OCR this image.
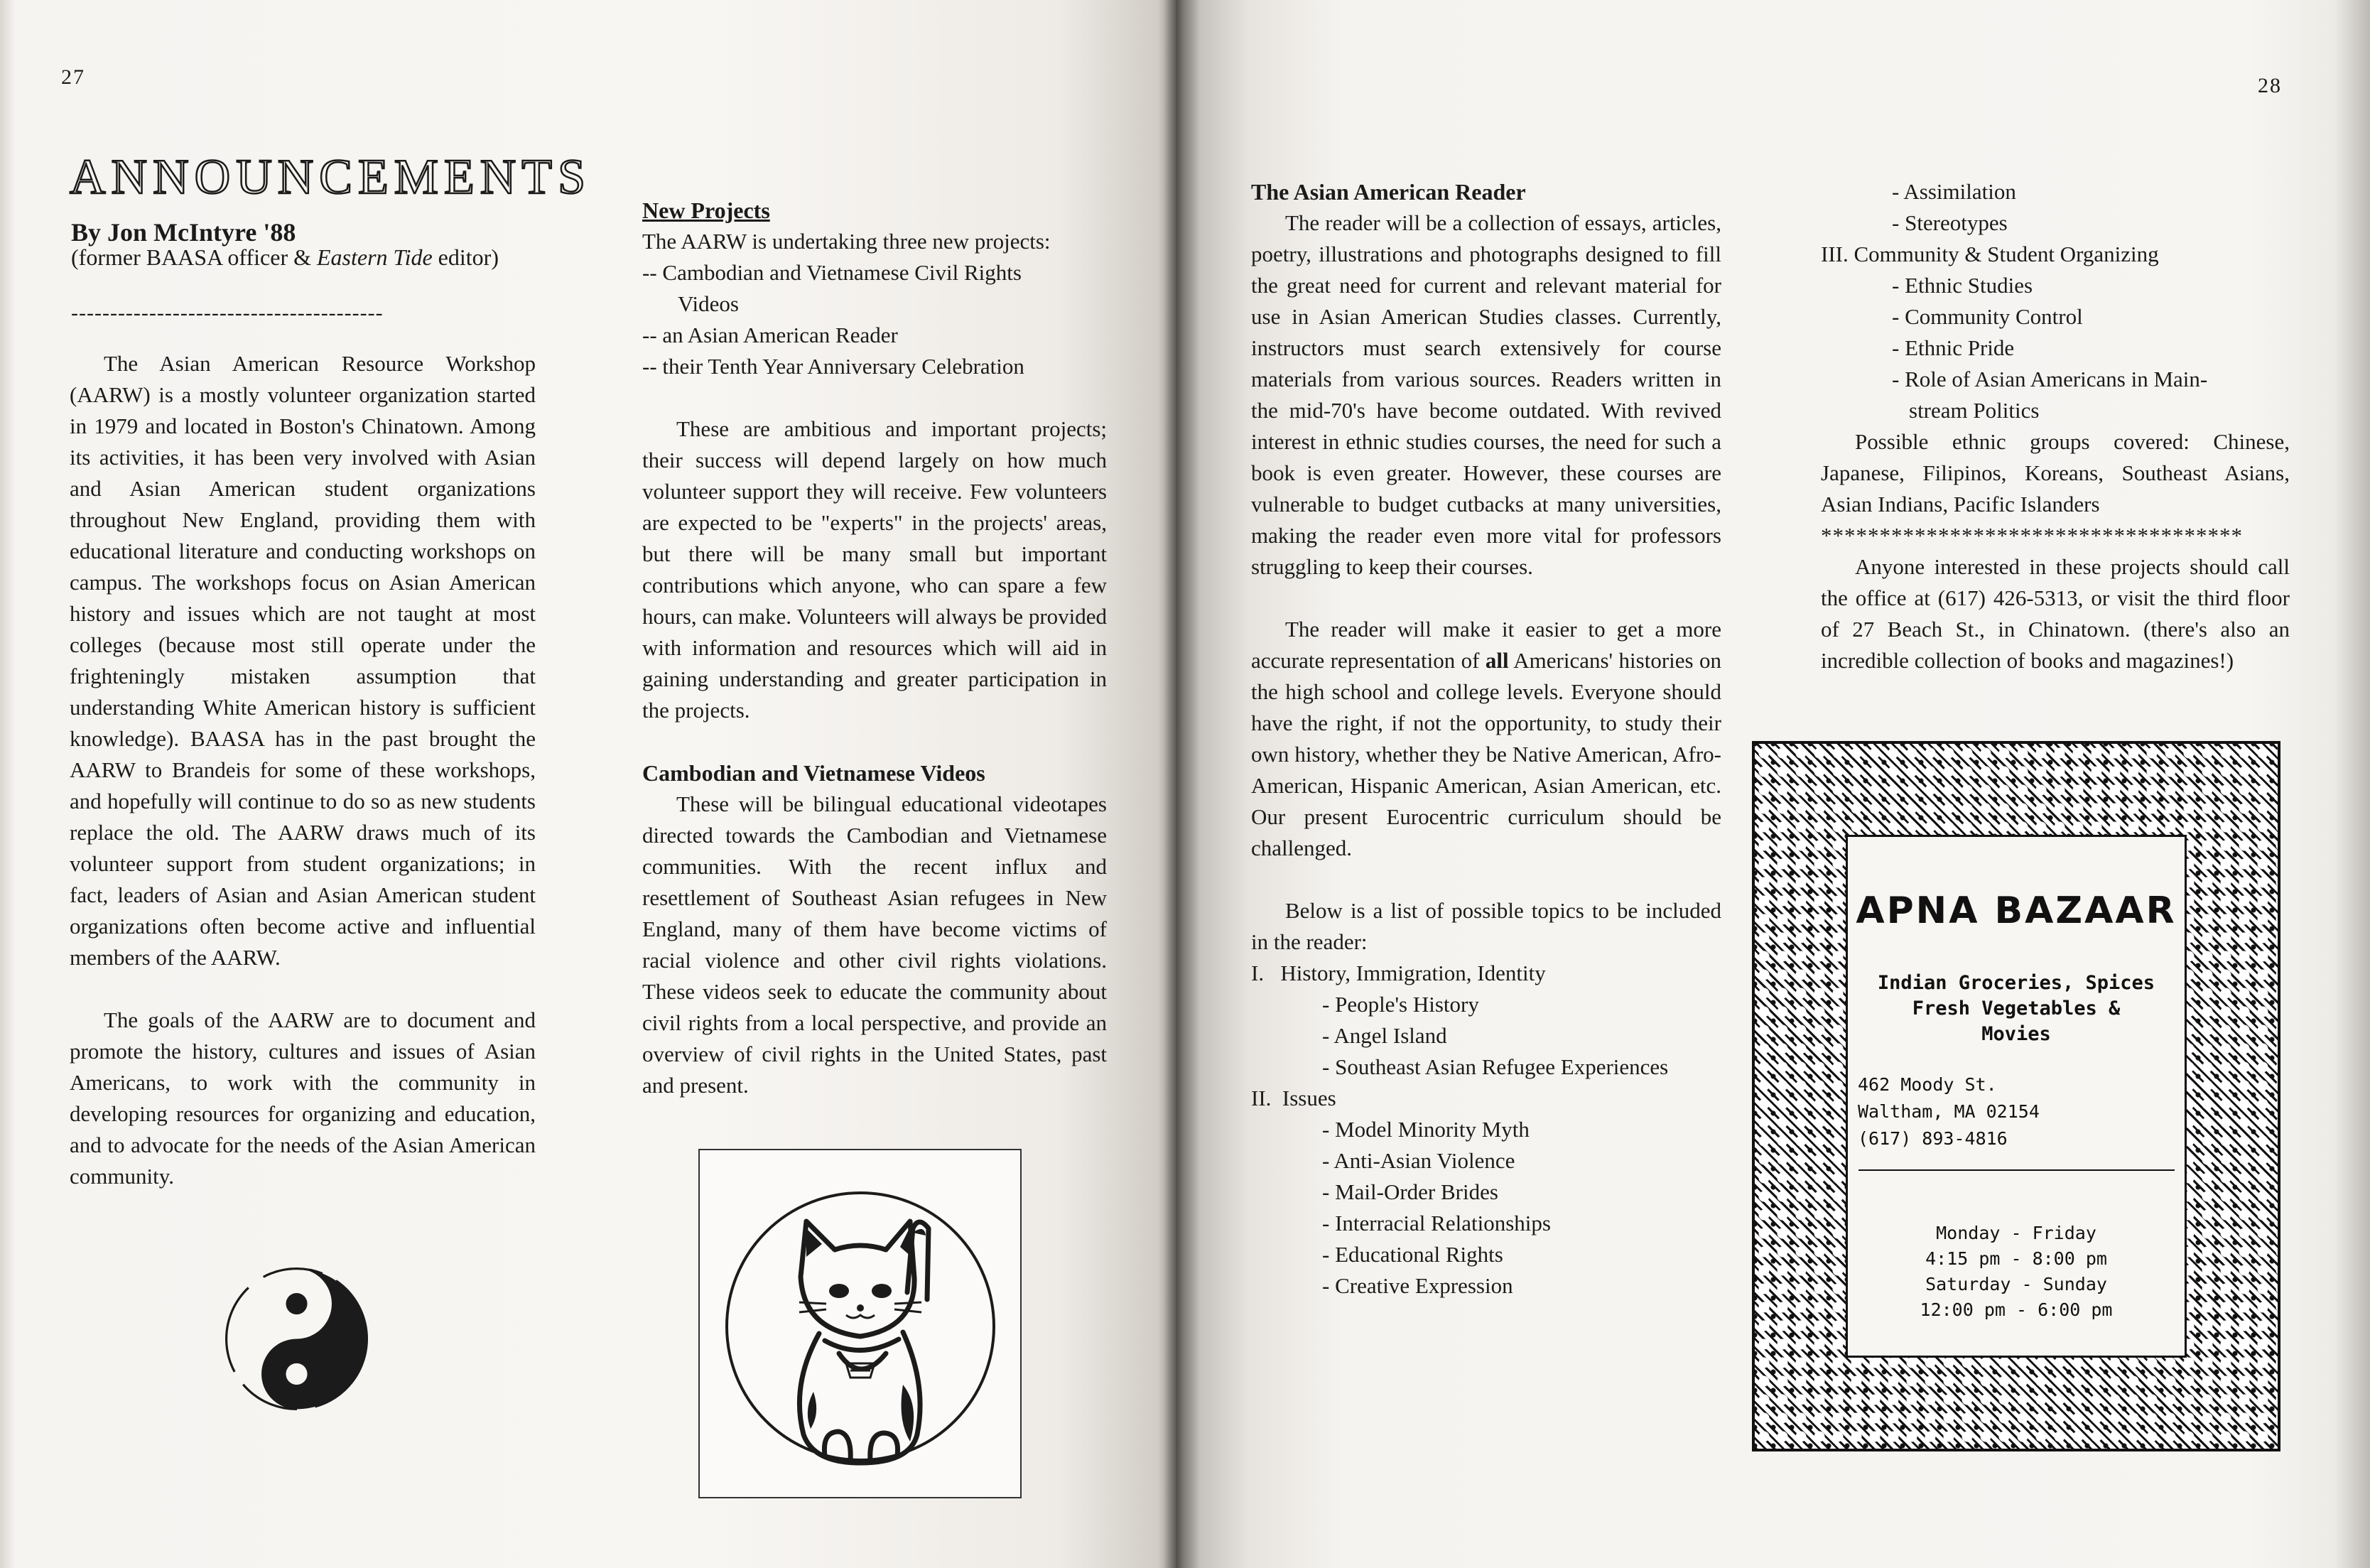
27
ANNOUNCEMENTS
By Jon McIntyre '88
(former BAASA officer & Eastern Tide editor)
----------------------------------------

The Asian American Resource Workshop (AARW) is a mostly volunteer organization started in 1979 and located in Boston's Chinatown. Among its activities, it has been very involved with Asian and Asian American student organizations throughout New England, providing them with educational literature and conducting workshops on campus. The workshops focus on Asian American history and issues which are not taught at most colleges (because most still operate under the frighteningly mistaken assumption that understanding White American history is sufficient knowledge). BAASA has in the past brought the AARW to Brandeis for some of these workshops, and hopefully will continue to do so as new students replace the old. The AARW draws much of its volunteer support from student organizations; in fact, leaders of Asian and Asian American student organizations often become active and influential members of the AARW.

The goals of the AARW are to document and promote the history, cultures and issues of Asian Americans, to work with the community in developing resources for organizing and education, and to advocate for the needs of the Asian American community.

New Projects
The AARW is undertaking three new projects:
-- Cambodian and Vietnamese Civil Rights
Videos
-- an Asian American Reader
-- their Tenth Year Anniversary Celebration

These are ambitious and important projects; their success will depend largely on how much volunteer support they will receive. Few volunteers are expected to be "experts" in the projects' areas, but there will be many small but important contributions which anyone, who can spare a few hours, can make. Volunteers will always be provided with information and resources which will aid in gaining understanding and greater participation in the projects.

Cambodian and Vietnamese Videos

These will be bilingual educational videotapes directed towards the Cambodian and Vietnamese communities. With the recent influx and resettlement of Southeast Asian refugees in New England, many of them have become victims of racial violence and other civil rights violations. These videos seek to educate the community about civil rights from a local perspective, and provide an overview of civil rights in the United States, past and present.

28
The Asian American Reader

The reader will be a collection of essays, articles, poetry, illustrations and photographs designed to fill the great need for current and relevant material for use in Asian American Studies classes. Currently, instructors must search extensively for course materials from various sources. Readers written in the mid-70's have become outdated. With revived interest in ethnic studies courses, the need for such a book is even greater. However, these courses are vulnerable to budget cutbacks at many universities, making the reader even more vital for professors struggling to keep their courses.

The reader will make it easier to get a more accurate representation of all Americans' histories on the high school and college levels. Everyone should have the right, if not the opportunity, to study their own history, whether they be Native American, Afro-American, Hispanic American, Asian American, etc. Our present Eurocentric curriculum should be challenged.

Below is a list of possible topics to be included in the reader:

I.   History, Immigration, Identity
- People's History
- Angel Island
- Southeast Asian Refugee Experiences
II.  Issues
- Model Minority Myth
- Anti-Asian Violence
- Mail-Order Brides
- Interracial Relationships
- Educational Rights
- Creative Expression
- Assimilation
- Stereotypes
III. Community & Student Organizing
- Ethnic Studies
- Community Control
- Ethnic Pride
- Role of Asian Americans in Main-
stream Politics

Possible ethnic groups covered: Chinese, Japanese, Filipinos, Koreans, Southeast Asians, Asian Indians, Pacific Islanders

************************************

Anyone interested in these projects should call the office at (617) 426-5313, or visit the third floor of 27 Beach St., in Chinatown. (there's also an incredible collection of books and magazines!)

APNA BAZAAR
Indian Groceries, Spices
Fresh Vegetables &
Movies
462 Moody St.
Waltham, MA 02154
(617) 893-4816
Monday - Friday
4:15 pm - 8:00 pm
Saturday - Sunday
12:00 pm - 6:00 pm
